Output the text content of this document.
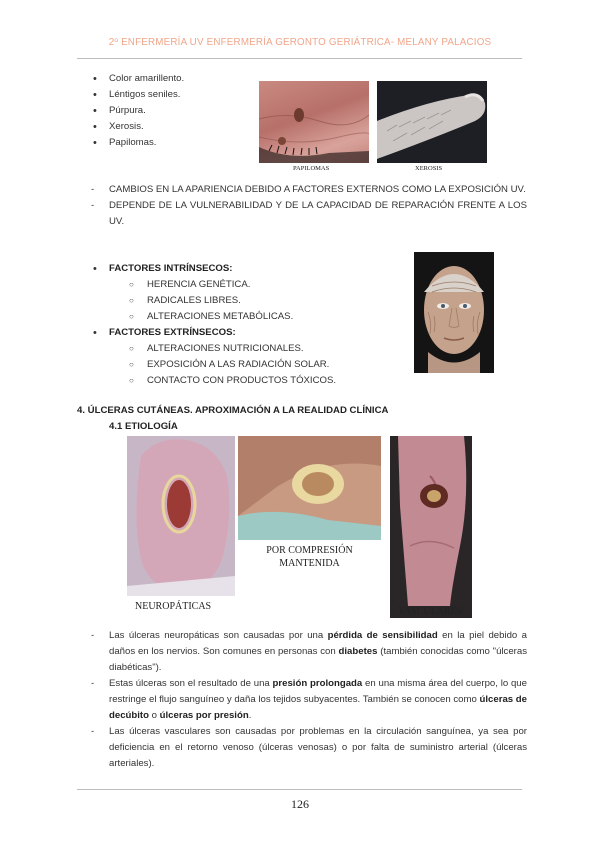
2º ENFERMERÍA UV ENFERMERÍA GERONTO GERIÁTRICA- MELANY PALACIOS
• Color amarillento.
• Léntigos seniles.
• Púrpura.
• Xerosis.
• Papilomas.
PAPILOMAS	XEROSIS

- CAMBIOS EN LA APARIENCIA DEBIDO A FACTORES EXTERNOS COMO LA EXPOSICIÓN UV.

- DEPENDE DE LA VULNERABILIDAD Y DE LA CAPACIDAD DE REPARACIÓN FRENTE A LOS UV.

• FACTORES INTRÍNSECOS:
○ HERENCIA GENÉTICA.
○ RADICALES LIBRES.
○ ALTERACIONES METABÓLICAS.
• FACTORES EXTRÍNSECOS:
○ ALTERACIONES NUTRICIONALES.
○ EXPOSICIÓN A LAS RADIACIÓN SOLAR.
○ CONTACTO CON PRODUCTOS TÓXICOS.
4. ÚLCERAS CUTÁNEAS. APROXIMACIÓN A LA REALIDAD CLÍNICA
4.1 ETIOLOGÍA
NEUROPÁTICAS
POR COMPRESIÓN
MANTENIDA
VASCULARES

- Las úlceras neuropáticas son causadas por una pérdida de sensibilidad en la piel debido a daños en los nervios. Son comunes en personas con diabetes (también conocidas como "úlceras diabéticas").

- Estas úlceras son el resultado de una presión prolongada en una misma área del cuerpo, lo que restringe el flujo sanguíneo y daña los tejidos subyacentes. También se conocen como úlceras de decúbito o úlceras por presión.

- Las úlceras vasculares son causadas por problemas en la circulación sanguínea, ya sea por deficiencia en el retorno venoso (úlceras venosas) o por falta de suministro arterial (úlceras arteriales).

126
